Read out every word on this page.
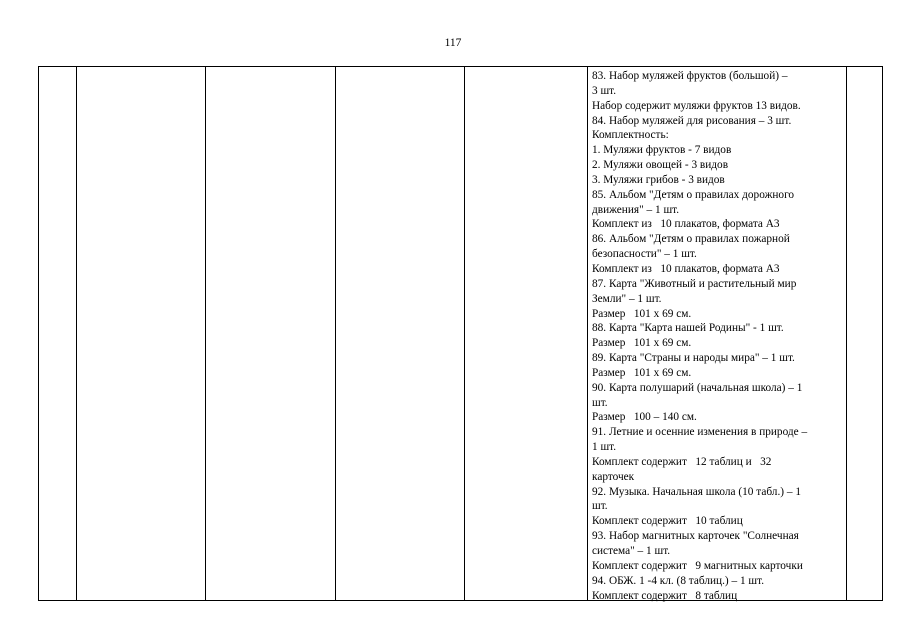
117
83. Набор муляжей фруктов (большой) –
3 шт.
Набор содержит муляжи фруктов 13 видов.
84. Набор муляжей для рисования – 3 шт.
Комплектность:
1. Муляжи фруктов - 7 видов
2. Муляжи овощей - 3 видов
3. Муляжи грибов - 3 видов
85. Альбом "Детям о правилах дорожного
движения" – 1 шт.
Комплект из   10 плакатов, формата А3
86. Альбом "Детям о правилах пожарной
безопасности" – 1 шт.
Комплект из   10 плакатов, формата А3
87. Карта "Животный и растительный мир
Земли" – 1 шт.
Размер   101 х 69 см.
88. Карта "Карта нашей Родины" - 1 шт.
Размер   101 х 69 см.
89. Карта "Страны и народы мира" – 1 шт.
Размер   101 х 69 см.
90. Карта полушарий (начальная школа) – 1
шт.
Размер   100 – 140 см.
91. Летние и осенние изменения в природе –
1 шт.
Комплект содержит   12 таблиц и   32
карточек
92. Музыка. Начальная школа (10 табл.) – 1
шт.
Комплект содержит   10 таблиц
93. Набор магнитных карточек "Солнечная
система" – 1 шт.
Комплект содержит   9 магнитных карточки
94. ОБЖ. 1 -4 кл. (8 таблиц.) – 1 шт.
Комплект содержит   8 таблиц
